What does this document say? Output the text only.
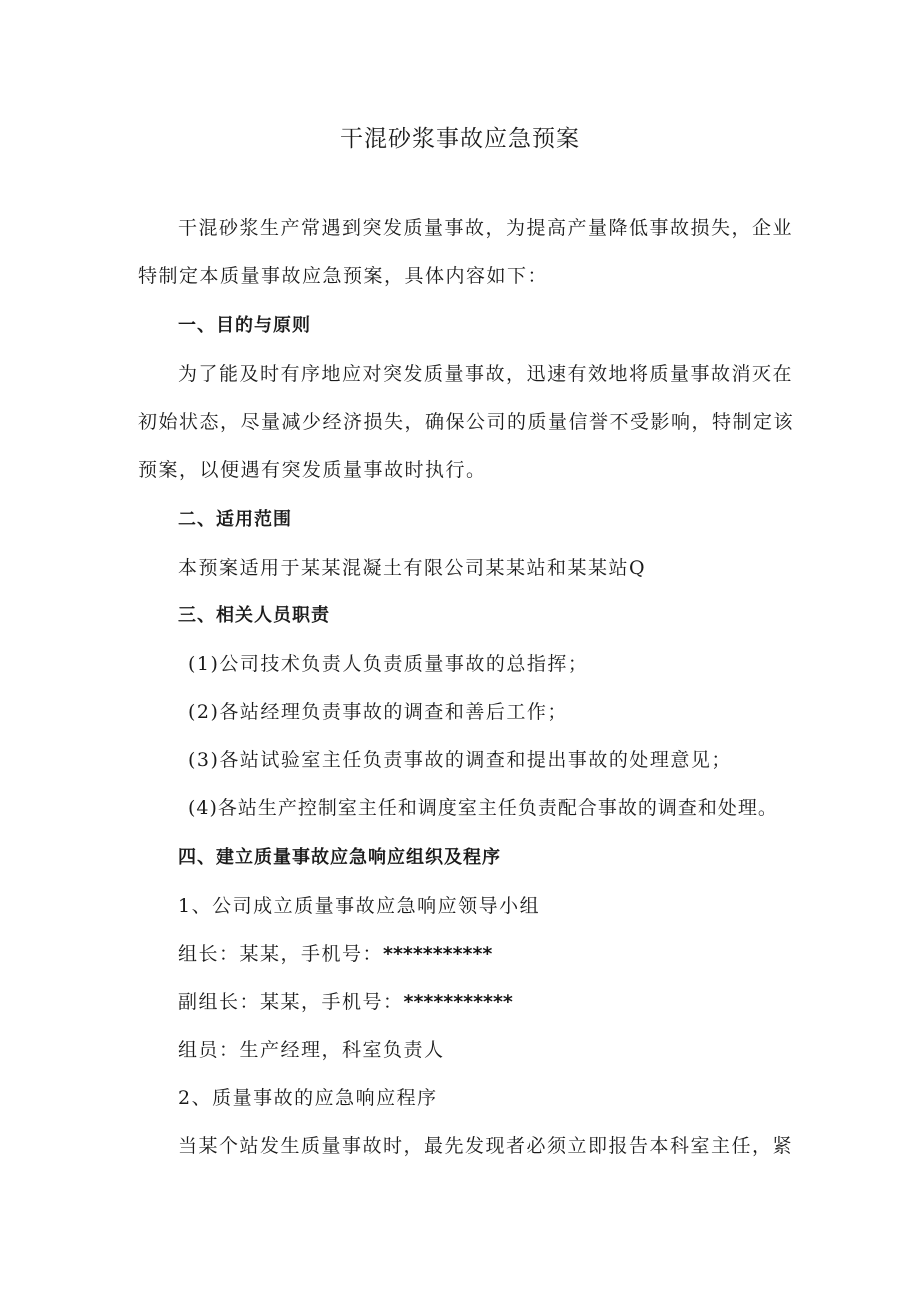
干混砂浆事故应急预案

干混砂浆生产常遇到突发质量事故，为提高产量降低事故损失，企业

特制定本质量事故应急预案，具体内容如下：

一、目的与原则

为了能及时有序地应对突发质量事故，迅速有效地将质量事故消灭在

初始状态，尽量减少经济损失，确保公司的质量信誉不受影响，特制定该

预案，以便遇有突发质量事故时执行。

二、适用范围

本预案适用于某某混凝土有限公司某某站和某某站Q

三、相关人员职责

(1)公司技术负责人负责质量事故的总指挥；

(2)各站经理负责事故的调查和善后工作；

(3)各站试验室主任负责事故的调查和提出事故的处理意见；

(4)各站生产控制室主任和调度室主任负责配合事故的调查和处理。

四、建立质量事故应急响应组织及程序

1、公司成立质量事故应急响应领导小组

组长：某某，手机号：***********

副组长：某某，手机号：***********

组员：生产经理，科室负责人

2、质量事故的应急响应程序

当某个站发生质量事故时，最先发现者必须立即报告本科室主任，紧
